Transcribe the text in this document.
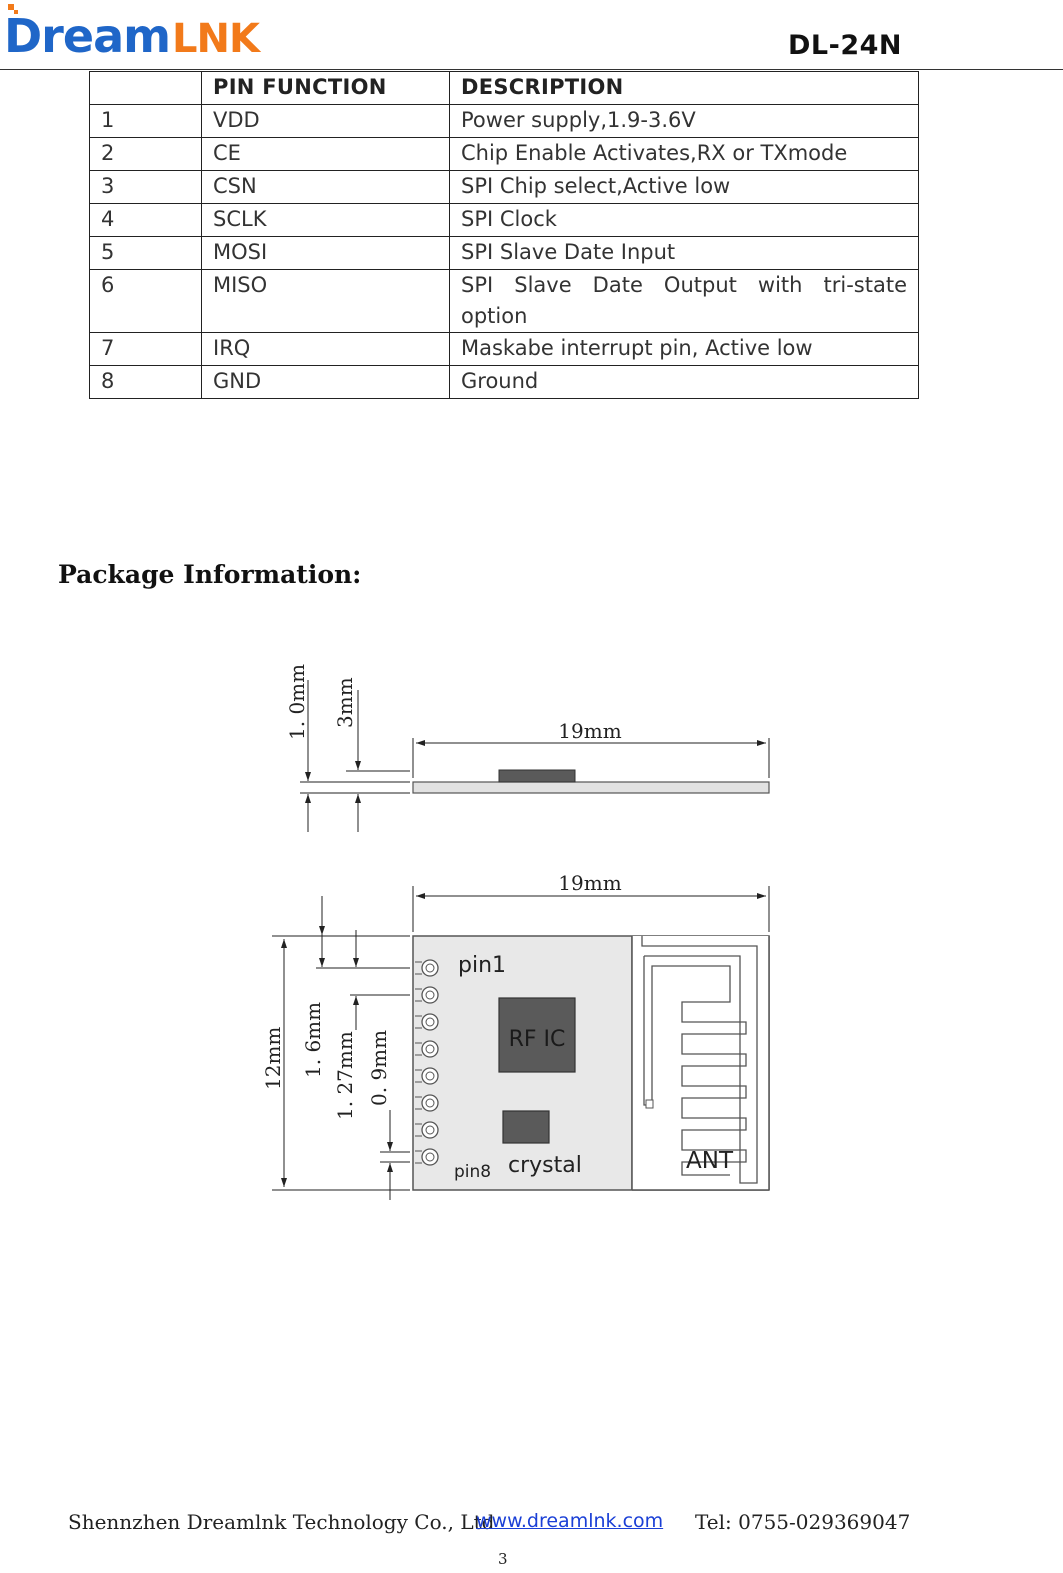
Dream LNK	DL-24N
	PIN FUNCTION	DESCRIPTION
1	VDD	Power supply,1.9-3.6V
2	CE	Chip Enable Activates,RX or TXmode
3	CSN	SPI Chip select,Active low
4	SCLK	SPI Clock
5	MOSI	SPI Slave Date Input
6	MISO	SPI Slave Date Output with tri-state option
7	IRQ	Maskabe interrupt pin, Active low
8	GND	Ground
Package Information:
1. 0mm 3mm
19mm
19mm
pin1
pin8
RF IC
crystal	ANT
12mm 1. 6mm 1. 27mm 0. 9mm
Shennzhen Dreamlnk Technology Co., Ltd
www.dreamlnk.com Tel: 0755-029369047
3
